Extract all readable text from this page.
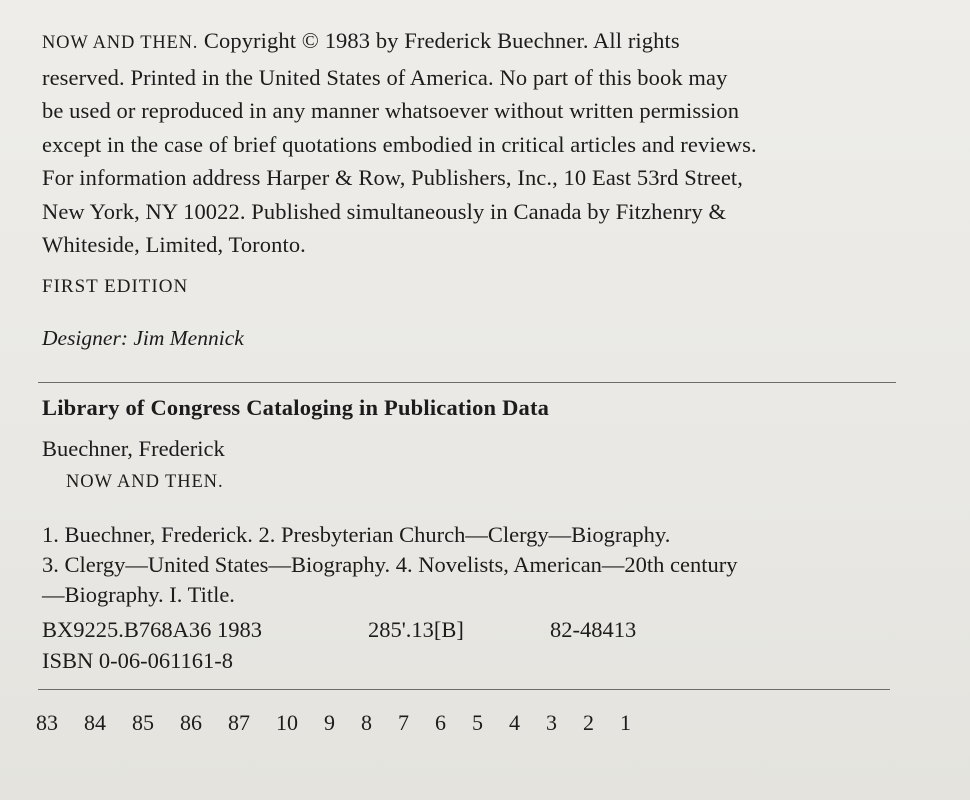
NOW AND THEN. Copyright © 1983 by Frederick Buechner. All rights
reserved. Printed in the United States of America. No part of this book may
be used or reproduced in any manner whatsoever without written permission
except in the case of brief quotations embodied in critical articles and reviews.
For information address Harper & Row, Publishers, Inc., 10 East 53rd Street,
New York, NY 10022. Published simultaneously in Canada by Fitzhenry &
Whiteside, Limited, Toronto.
FIRST EDITION
Designer: Jim Mennick
Library of Congress Cataloging in Publication Data
Buechner, Frederick
NOW AND THEN.
1. Buechner, Frederick. 2. Presbyterian Church—Clergy—Biography.
3. Clergy—United States—Biography. 4. Novelists, American—20th century
—Biography. I. Title.
BX9225.B768A36 1983	285'.13[B]	82-48413
ISBN 0-06-061161-8
83 84 85 86 87 10 9 8 7 6 5 4 3 2 1
